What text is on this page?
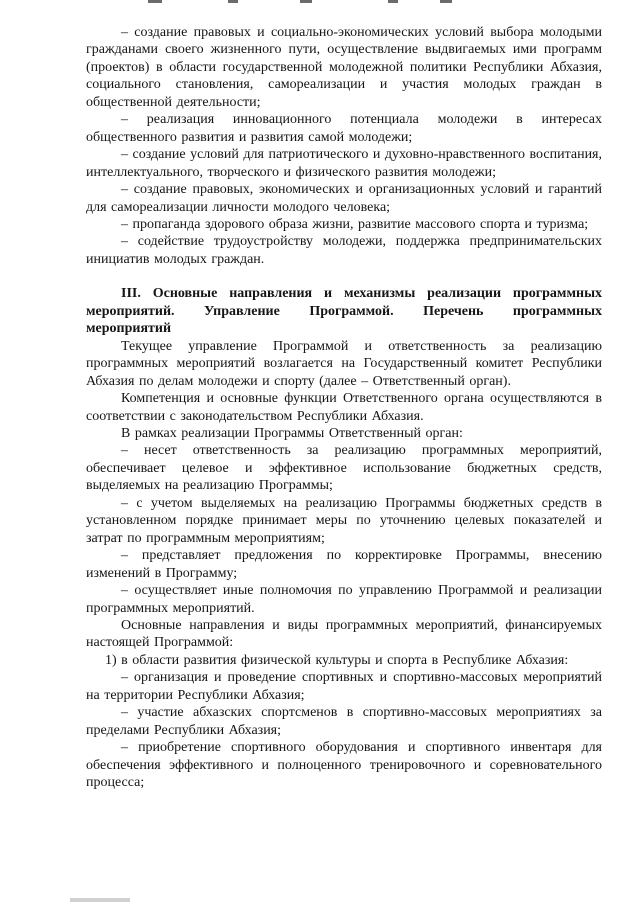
– создание правовых и социально-экономических условий выбора молодыми гражданами своего жизненного пути, осуществление выдвигаемых ими программ (проектов) в области государственной молодежной политики Республики Абхазия, социального становления, самореализации и участия молодых граждан в общественной деятельности;

– реализация инновационного потенциала молодежи в интересах общественного развития и развития самой молодежи;

– создание условий для патриотического и духовно-нравственного воспитания, интеллектуального, творческого и физического развития молодежи;

– создание правовых, экономических и организационных условий и гарантий для самореализации личности молодого человека;

– пропаганда здорового образа жизни, развитие массового спорта и туризма;

– содействие трудоустройству молодежи, поддержка предпринимательских инициатив молодых граждан.

III. Основные направления и механизмы реализации программных мероприятий. Управление Программой. Перечень программных мероприятий

Текущее управление Программой и ответственность за реализацию программных мероприятий возлагается на Государственный комитет Республики Абхазия по делам молодежи и спорту (далее – Ответственный орган).

Компетенция и основные функции Ответственного органа осуществляются в соответствии с законодательством Республики Абхазия.

В рамках реализации Программы Ответственный орган:

– несет ответственность за реализацию программных мероприятий, обеспечивает целевое и эффективное использование бюджетных средств, выделяемых на реализацию Программы;

– с учетом выделяемых на реализацию Программы бюджетных средств в установленном порядке принимает меры по уточнению целевых показателей и затрат по программным мероприятиям;

– представляет предложения по корректировке Программы, внесению изменений в Программу;

– осуществляет иные полномочия по управлению Программой и реализации программных мероприятий.

Основные направления и виды программных мероприятий, финансируемых настоящей Программой:

1) в области развития физической культуры и спорта в Республике Абхазия:

– организация и проведение спортивных и спортивно-массовых мероприятий на территории Республики Абхазия;

– участие абхазских спортсменов в спортивно-массовых мероприятиях за пределами Республики Абхазия;

– приобретение спортивного оборудования и спортивного инвентаря для обеспечения эффективного и полноценного тренировочного и соревновательного процесса;
